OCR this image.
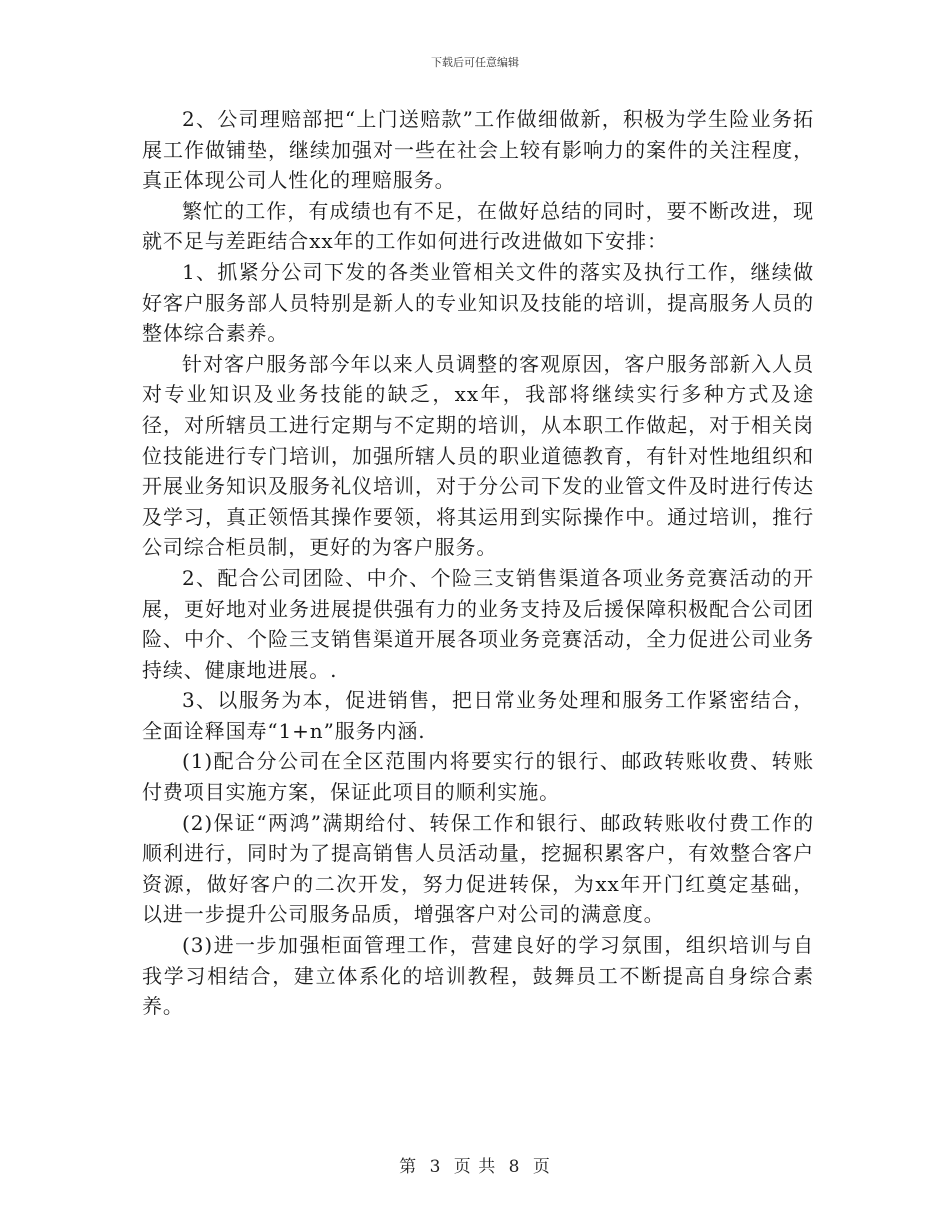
下载后可任意编辑

2、公司理赔部把“上门送赔款”工作做细做新，积极为学生险业务拓展工作做铺垫，继续加强对一些在社会上较有影响力的案件的关注程度，真正体现公司人性化的理赔服务。

繁忙的工作，有成绩也有不足，在做好总结的同时，要不断改进，现就不足与差距结合xx年的工作如何进行改进做如下安排：

1、抓紧分公司下发的各类业管相关文件的落实及执行工作，继续做好客户服务部人员特别是新人的专业知识及技能的培训，提高服务人员的整体综合素养。

针对客户服务部今年以来人员调整的客观原因，客户服务部新入人员对专业知识及业务技能的缺乏，xx年，我部将继续实行多种方式及途径，对所辖员工进行定期与不定期的培训，从本职工作做起，对于相关岗位技能进行专门培训，加强所辖人员的职业道德教育，有针对性地组织和开展业务知识及服务礼仪培训，对于分公司下发的业管文件及时进行传达及学习，真正领悟其操作要领，将其运用到实际操作中。通过培训，推行公司综合柜员制，更好的为客户服务。

2、配合公司团险、中介、个险三支销售渠道各项业务竞赛活动的开展，更好地对业务进展提供强有力的业务支持及后援保障积极配合公司团险、中介、个险三支销售渠道开展各项业务竞赛活动，全力促进公司业务持续、健康地进展。.

3、以服务为本，促进销售，把日常业务处理和服务工作紧密结合，全面诠释国寿“1+n”服务内涵.

(1)配合分公司在全区范围内将要实行的银行、邮政转账收费、转账付费项目实施方案，保证此项目的顺利实施。

(2)保证“两鸿”满期给付、转保工作和银行、邮政转账收付费工作的顺利进行，同时为了提高销售人员活动量，挖掘积累客户，有效整合客户资源，做好客户的二次开发，努力促进转保，为xx年开门红奠定基础，以进一步提升公司服务品质，增强客户对公司的满意度。

(3)进一步加强柜面管理工作，营建良好的学习氛围，组织培训与自我学习相结合，建立体系化的培训教程，鼓舞员工不断提高自身综合素养。

第 3 页 共 8 页
